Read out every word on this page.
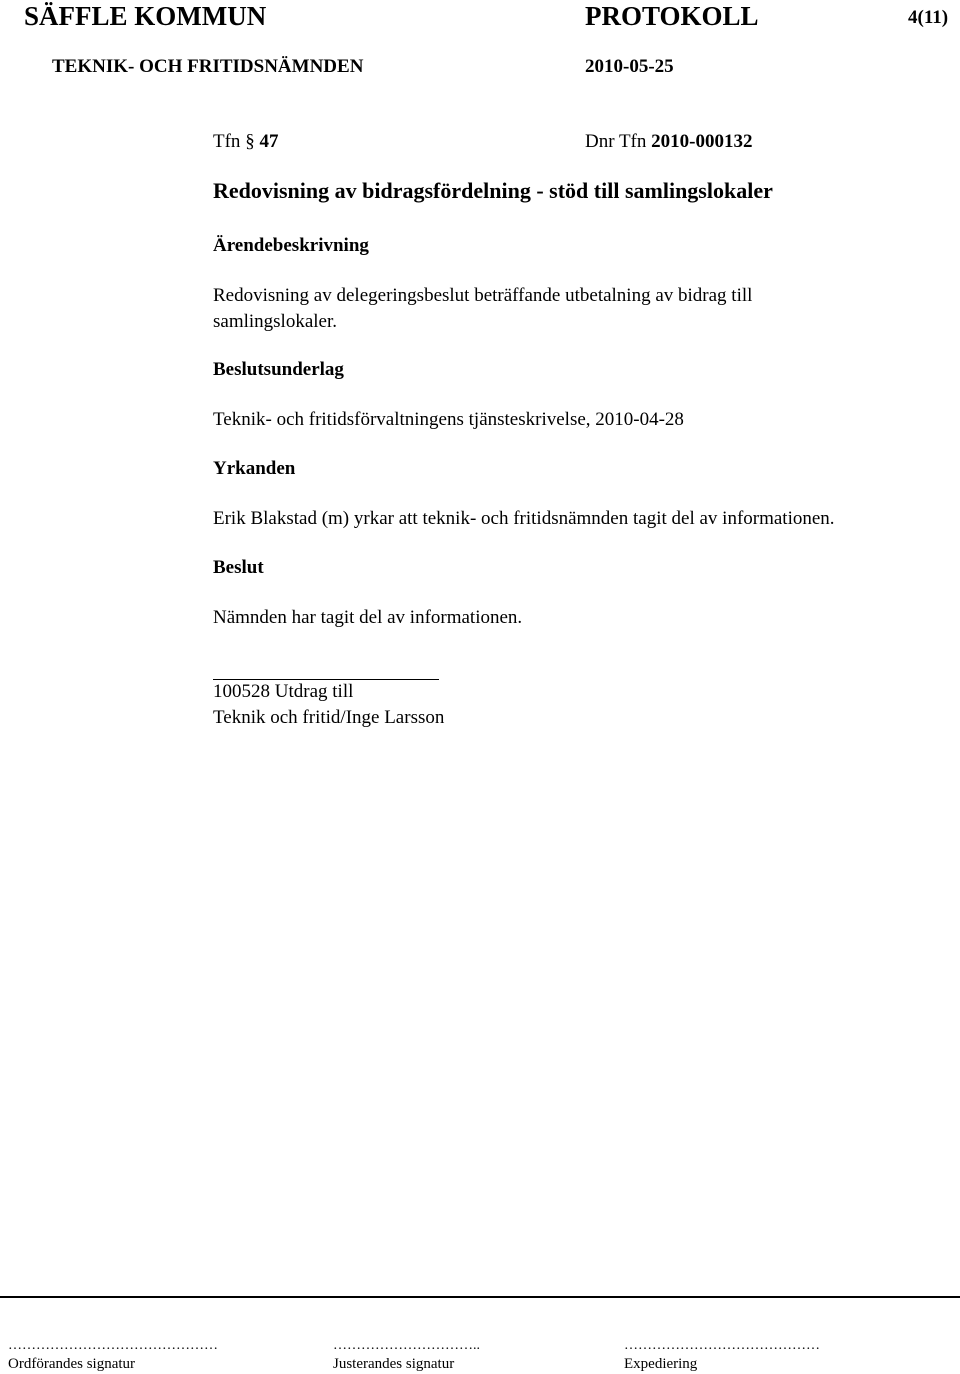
SÄFFLE KOMMUN	PROTOKOLL	4(11)
TEKNIK- OCH FRITIDSNÄMNDEN	2010-05-25
Tfn § 47	Dnr Tfn 2010-000132
Redovisning av bidragsfördelning - stöd till samlingslokaler
Ärendebeskrivning
Redovisning av delegeringsbeslut beträffande utbetalning av bidrag till
samlingslokaler.
Beslutsunderlag
Teknik- och fritidsförvaltningens tjänsteskrivelse, 2010-04-28
Yrkanden
Erik Blakstad (m) yrkar att teknik- och fritidsnämnden tagit del av informationen.
Beslut
Nämnden har tagit del av informationen.
100528 Utdrag till
Teknik och fritid/Inge Larsson
………………………………………
Ordförandes signatur
…………………………..
Justerandes signatur
……………………………………
Expediering
